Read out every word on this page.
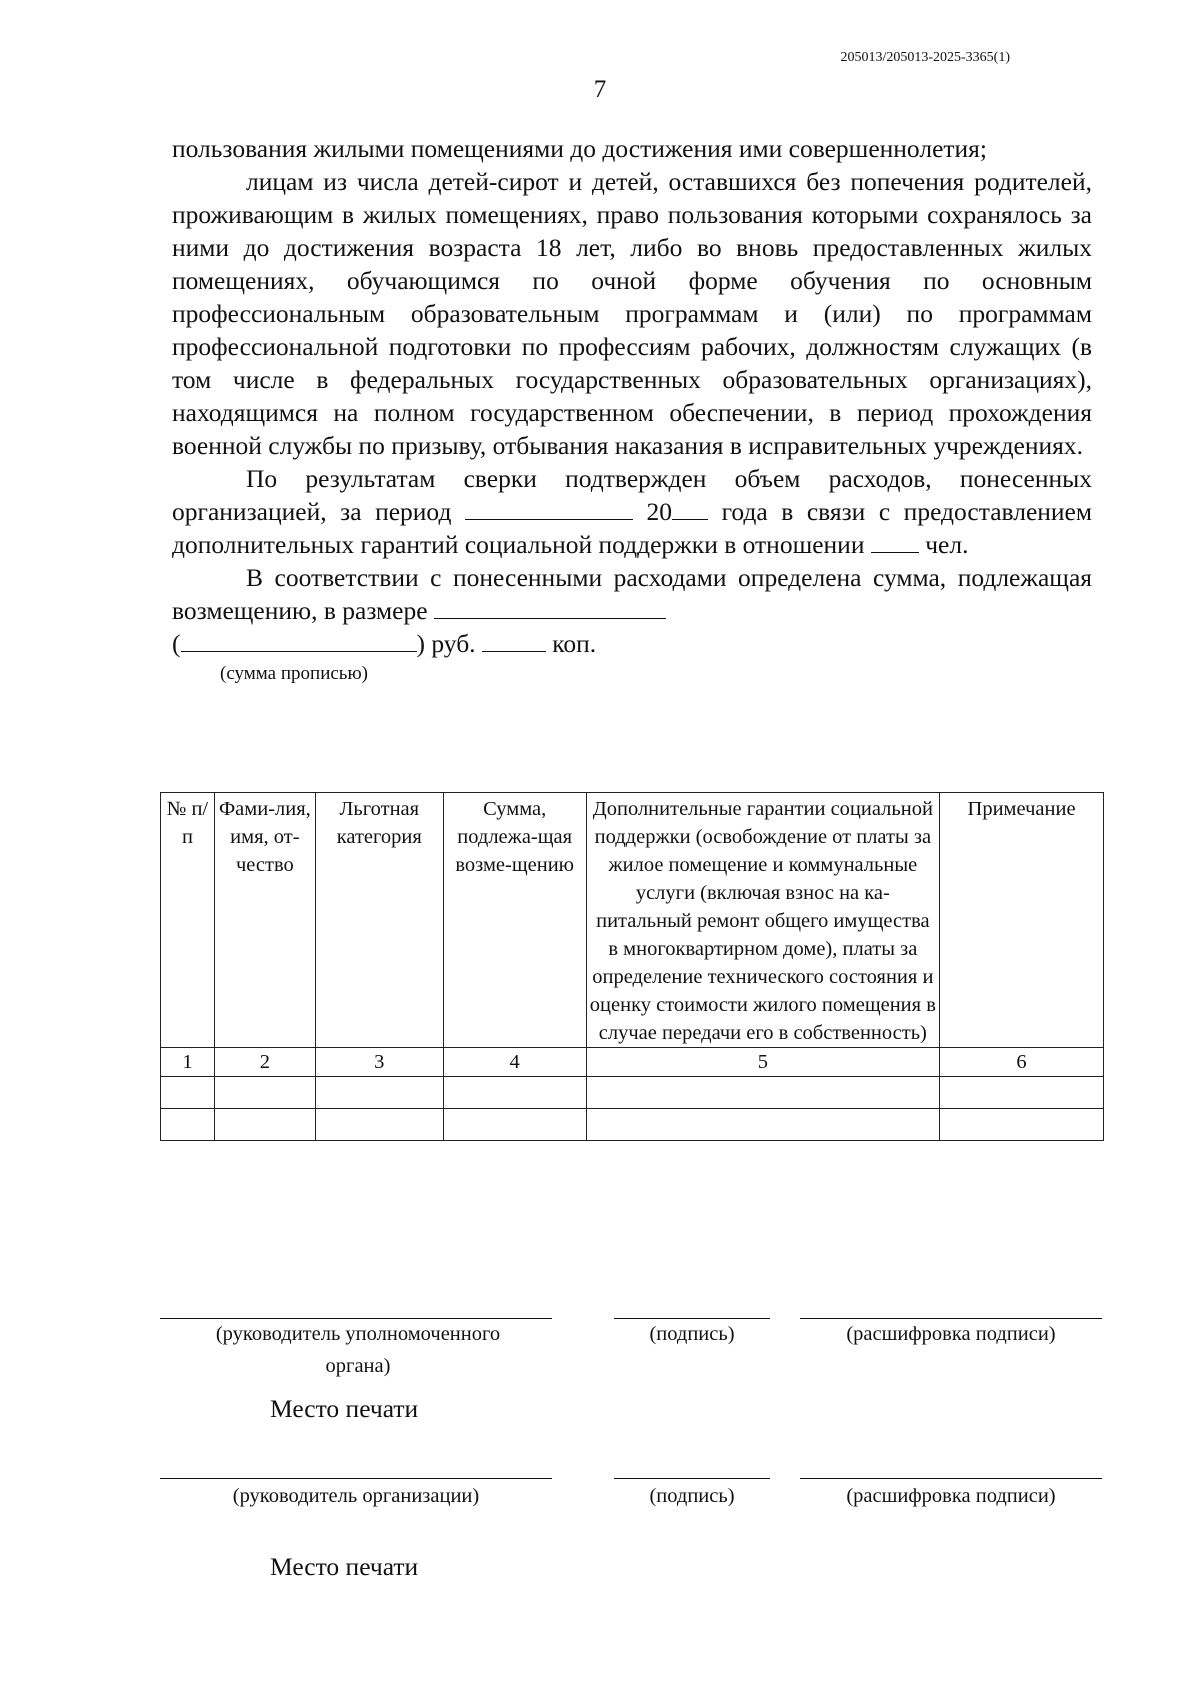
205013/205013-2025-3365(1)
7

пользования жилыми помещениями до достижения ими совершеннолетия;

лицам из числа детей-сирот и детей, оставшихся без попечения родителей, проживающим в жилых помещениях, право пользования которыми сохранялось за ними до достижения возраста 18 лет, либо во вновь предоставленных жилых помещениях, обучающимся по очной форме обучения по основным профессиональным образовательным программам и (или) по программам профессиональной подготовки по профессиям рабочих, должностям служащих (в том числе в федеральных государственных образовательных организациях), находящимся на полном государственном обеспечении, в период прохождения военной службы по призыву, отбывания наказания в исправительных учреждениях.

По результатам сверки подтвержден объем расходов, понесенных организацией, за период	20 года в связи с предоставлением дополнительных гарантий социальной поддержки в отношении чел.

В соответствии с понесенными расходами определена сумма, подлежащая возмещению, в размере

(	) руб.	коп.
(сумма прописью)
№ п/п	Фами-лия, имя, от-чество	Льготная категория	Сумма, подлежа-щая возме-щению	Дополнительные гарантии социальной поддержки (освобождение от платы за жилое помещение и коммунальные услуги (включая взнос на ка-питальный ремонт общего имущества в многоквартирном доме), платы за определение технического состояния и оценку стоимости жилого помещения в случае передачи его в собственность)	Примечание
1	2	3	4	5	6

(руководитель уполномоченного органа)
(подпись)	(расшифровка подписи)
Место печати
(руководитель организации)	(подпись)	(расшифровка подписи)
Место печати
